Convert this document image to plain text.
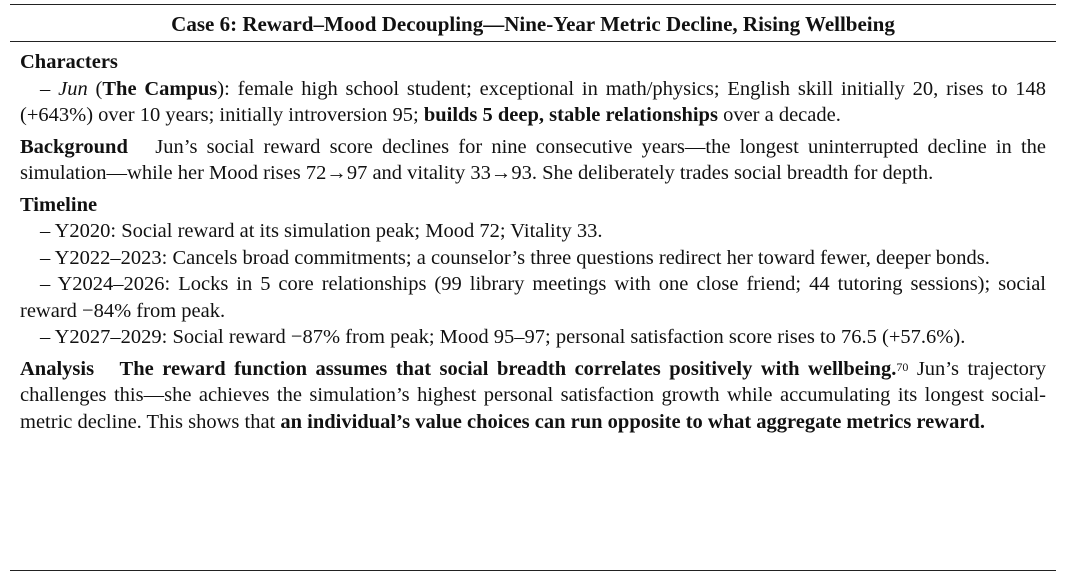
Case 6: Reward–Mood Decoupling—Nine-Year Metric Decline, Rising Wellbeing

Characters

– Jun (The Campus): female high school student; exceptional in math/physics; English skill initially 20, rises to 148 (+643%) over 10 years; initially introversion 95; builds 5 deep, stable relationships over a decade.

Background Jun’s social reward score declines for nine consecutive years—the longest uninterrupted decline in the simulation—while her Mood rises 72→97 and vitality 33→93. She deliberately trades social breadth for depth.

Timeline

– Y2020: Social reward at its simulation peak; Mood 72; Vitality 33.

– Y2022–2023: Cancels broad commitments; a counselor’s three questions redirect her toward fewer, deeper bonds.

– Y2024–2026: Locks in 5 core relationships (99 library meetings with one close friend; 44 tutoring sessions); social reward −84% from peak.

– Y2027–2029: Social reward −87% from peak; Mood 95–97; personal satisfaction score rises to 76.5 (+57.6%).

Analysis The reward function assumes that social breadth correlates positively with wellbeing.$^{70}$ Jun’s trajectory challenges this—she achieves the simulation’s highest personal satisfaction growth while accumulating its longest social-metric decline. This shows that an individual’s value choices can run opposite to what aggregate metrics reward.
